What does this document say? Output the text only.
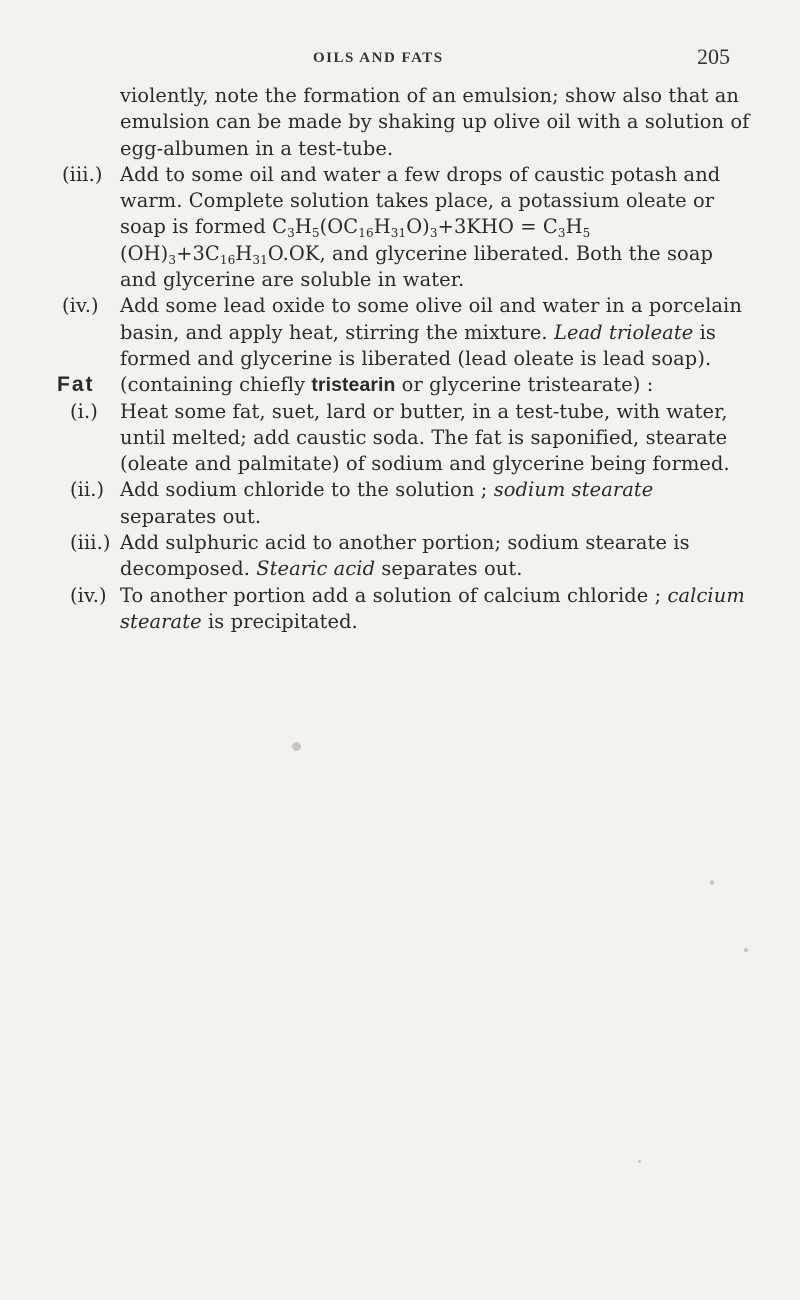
OILS AND FATS	205

violently, note the formation of an emulsion; show also that an emulsion can be made by shaking up olive oil with a solution of egg-albumen in a test-tube.

(iii.) Add to some oil and water a few drops of caustic potash and warm. Complete solution takes place, a potassium oleate or soap is formed $C_3H_5(OC_{16}H_{31}O)_3+3KHO = C_3H_5$ $(OH)_3+3C_{16}H_{31}O.OK$, and glycerine liberated. Both the soap and glycerine are soluble in water.
(iv.)	Add some lead oxide to some olive oil and water in a porcelain basin, and apply heat, stirring the mixture. Lead trioleate is formed and glycerine is liberated (lead oleate is lead soap).
Fat	(containing chiefly tristearin or glycerine tristearate) :
(i.)	Heat some fat, suet, lard or butter, in a test-tube, with water, until melted; add caustic soda. The fat is saponified, stearate (oleate and palmitate) of sodium and glycerine being formed.
(ii.) Add sodium chloride to the solution ; sodium stearate separates out.
(iii.) Add sulphuric acid to another portion; sodium stearate is decomposed. Stearic acid separates out.
(iv.) To another portion add a solution of calcium chloride ; calcium stearate is precipitated.
